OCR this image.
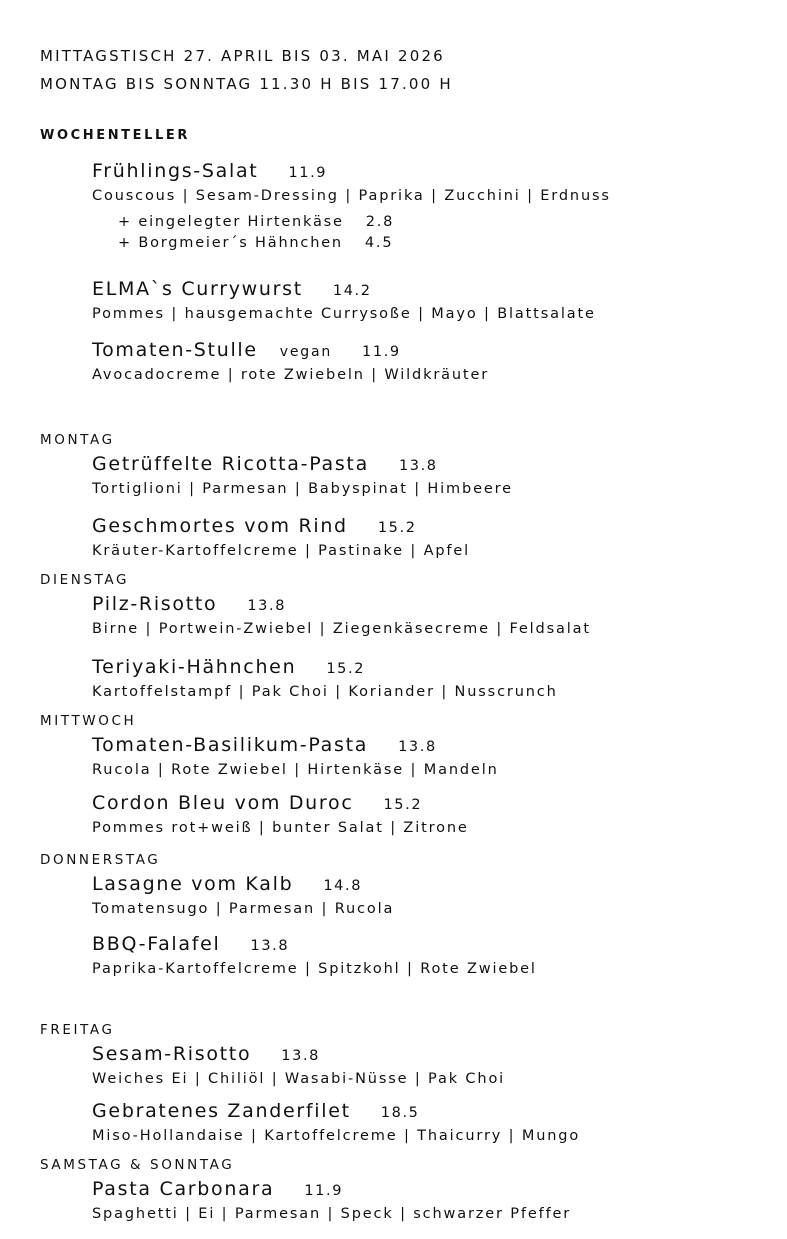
MITTAGSTISCH 27. APRIL BIS 03. MAI 2026
MONTAG BIS SONNTAG 11.30 H BIS 17.00 H
WOCHENTELLER
Frühlings-Salat 11.9
Couscous | Sesam-Dressing | Paprika | Zucchini | Erdnuss
+ eingelegter Hirtenkäse 2.8
+ Borgmeier´s Hähnchen 4.5
ELMA`s Currywurst 14.2
Pommes | hausgemachte Currysoße | Mayo | Blattsalate
Tomaten-Stulle vegan 11.9
Avocadocreme | rote Zwiebeln | Wildkräuter
MONTAG
Getrüffelte Ricotta-Pasta 13.8
Tortiglioni | Parmesan | Babyspinat | Himbeere
Geschmortes vom Rind 15.2
Kräuter-Kartoffelcreme | Pastinake | Apfel
DIENSTAG
Pilz-Risotto 13.8
Birne | Portwein-Zwiebel | Ziegenkäsecreme | Feldsalat
Teriyaki-Hähnchen 15.2
Kartoffelstampf | Pak Choi | Koriander | Nusscrunch
MITTWOCH
Tomaten-Basilikum-Pasta 13.8
Rucola | Rote Zwiebel | Hirtenkäse | Mandeln
Cordon Bleu vom Duroc 15.2
Pommes rot+weiß | bunter Salat | Zitrone
DONNERSTAG
Lasagne vom Kalb 14.8
Tomatensugo | Parmesan | Rucola
BBQ-Falafel 13.8
Paprika-Kartoffelcreme | Spitzkohl | Rote Zwiebel
FREITAG
Sesam-Risotto 13.8
Weiches Ei | Chiliöl | Wasabi-Nüsse | Pak Choi
Gebratenes Zanderfilet 18.5
Miso-Hollandaise | Kartoffelcreme | Thaicurry | Mungo
SAMSTAG & SONNTAG
Pasta Carbonara 11.9
Spaghetti | Ei | Parmesan | Speck | schwarzer Pfeffer
